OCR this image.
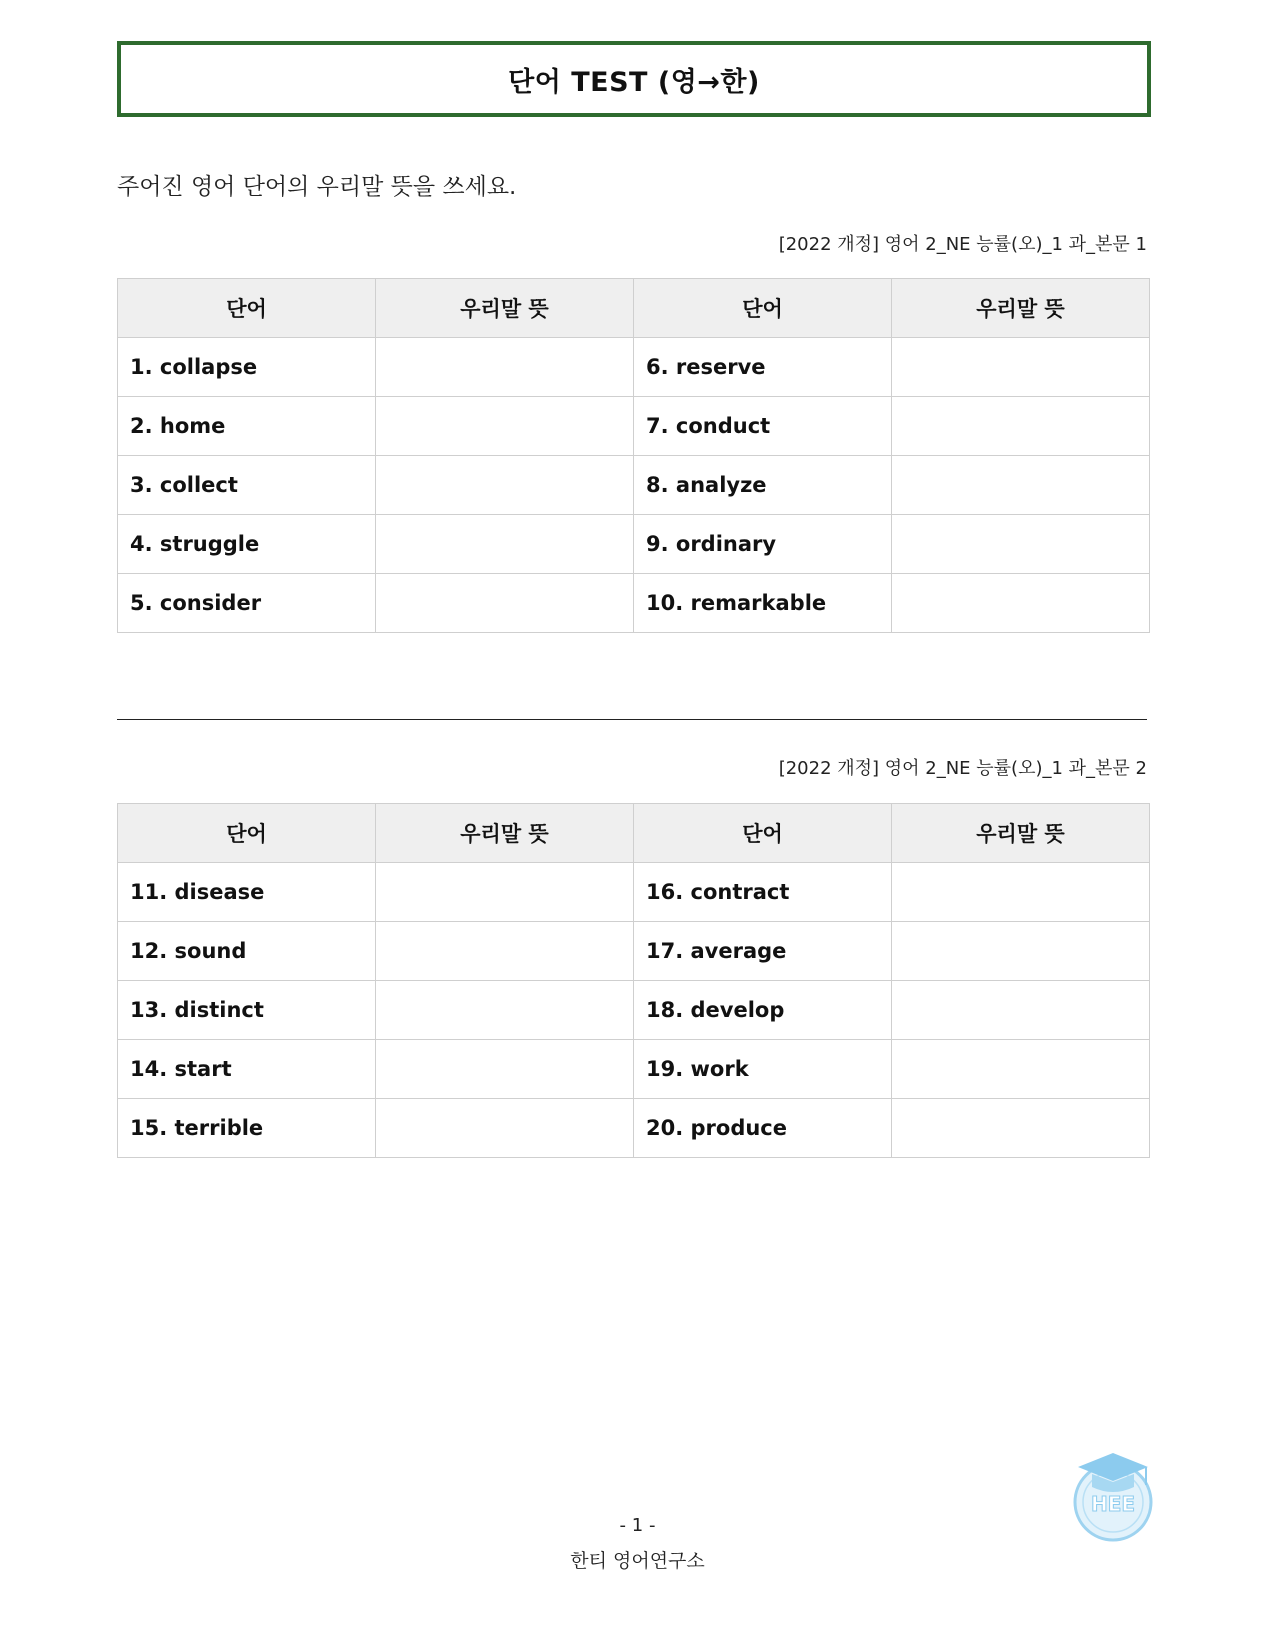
단어 TEST (영→한)
주어진 영어 단어의 우리말 뜻을 쓰세요.
[2022 개정] 영어 2_NE 능률(오)_1 과_본문 1
단어	우리말 뜻	단어	우리말 뜻
1. collapse		6. reserve	
2. home		7. conduct	
3. collect		8. analyze	
4. struggle		9. ordinary	
5. consider		10. remarkable	
[2022 개정] 영어 2_NE 능률(오)_1 과_본문 2
단어	우리말 뜻	단어	우리말 뜻
11. disease		16. contract	
12. sound		17. average	
13. distinct		18. develop	
14. start		19. work	
15. terrible		20. produce	
HEE
- 1 -
한티 영어연구소
